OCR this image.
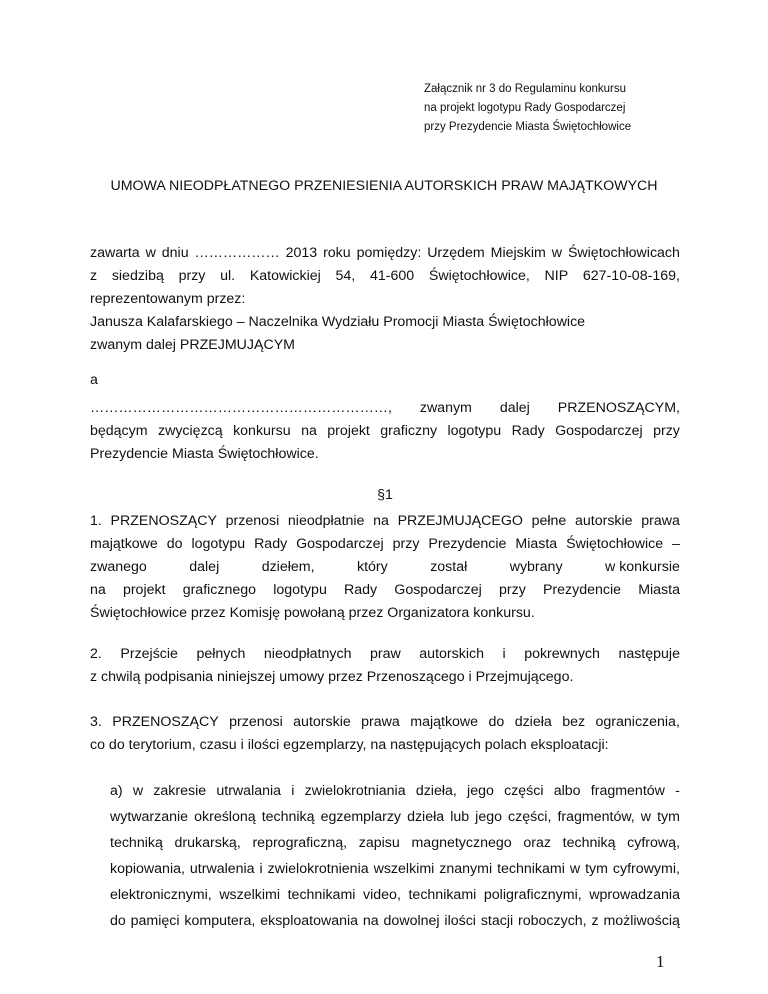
Załącznik nr 3 do Regulaminu konkursu
na projekt logotypu Rady Gospodarczej
przy Prezydencie Miasta Świętochłowice
UMOWA NIEODPŁATNEGO PRZENIESIENIA AUTORSKICH PRAW MAJĄTKOWYCH
zawarta w dniu ……………… 2013 roku pomiędzy: Urzędem Miejskim w Świętochłowicach
z siedzibą przy ul. Katowickiej 54, 41-600 Świętochłowice, NIP 627-10-08-169,
reprezentowanym przez:
Janusza Kalafarskiego – Naczelnika Wydziału Promocji Miasta Świętochłowice
zwanym dalej PRZEJMUJĄCYM
a
………………………………………………………, zwanym dalej PRZENOSZĄCYM,
będącym zwycięzcą konkursu na projekt graficzny logotypu Rady Gospodarczej przy
Prezydencie Miasta Świętochłowice.
§1
1. PRZENOSZĄCY przenosi nieodpłatnie na PRZEJMUJĄCEGO pełne autorskie prawa
majątkowe do logotypu Rady Gospodarczej przy Prezydencie Miasta Świętochłowice –
zwanego	dalej	dziełem,	który	został	wybrany	w konkursie
na projekt graficznego logotypu Rady Gospodarczej przy Prezydencie Miasta
Świętochłowice przez Komisję powołaną przez Organizatora konkursu.
2. Przejście pełnych nieodpłatnych praw autorskich i pokrewnych następuje
z chwilą podpisania niniejszej umowy przez Przenoszącego i Przejmującego.
3. PRZENOSZĄCY przenosi autorskie prawa majątkowe do dzieła bez ograniczenia,
co do terytorium, czasu i ilości egzemplarzy, na następujących polach eksploatacji:
a) w zakresie utrwalania i zwielokrotniania dzieła, jego części albo fragmentów -
wytwarzanie określoną techniką egzemplarzy dzieła lub jego części, fragmentów, w tym
techniką drukarską, reprograficzną, zapisu magnetycznego oraz techniką cyfrową,
kopiowania, utrwalenia i zwielokrotnienia wszelkimi znanymi technikami w tym cyfrowymi,
elektronicznymi, wszelkimi technikami video, technikami poligraficznymi, wprowadzania
do pamięci komputera, eksploatowania na dowolnej ilości stacji roboczych, z możliwością
1
